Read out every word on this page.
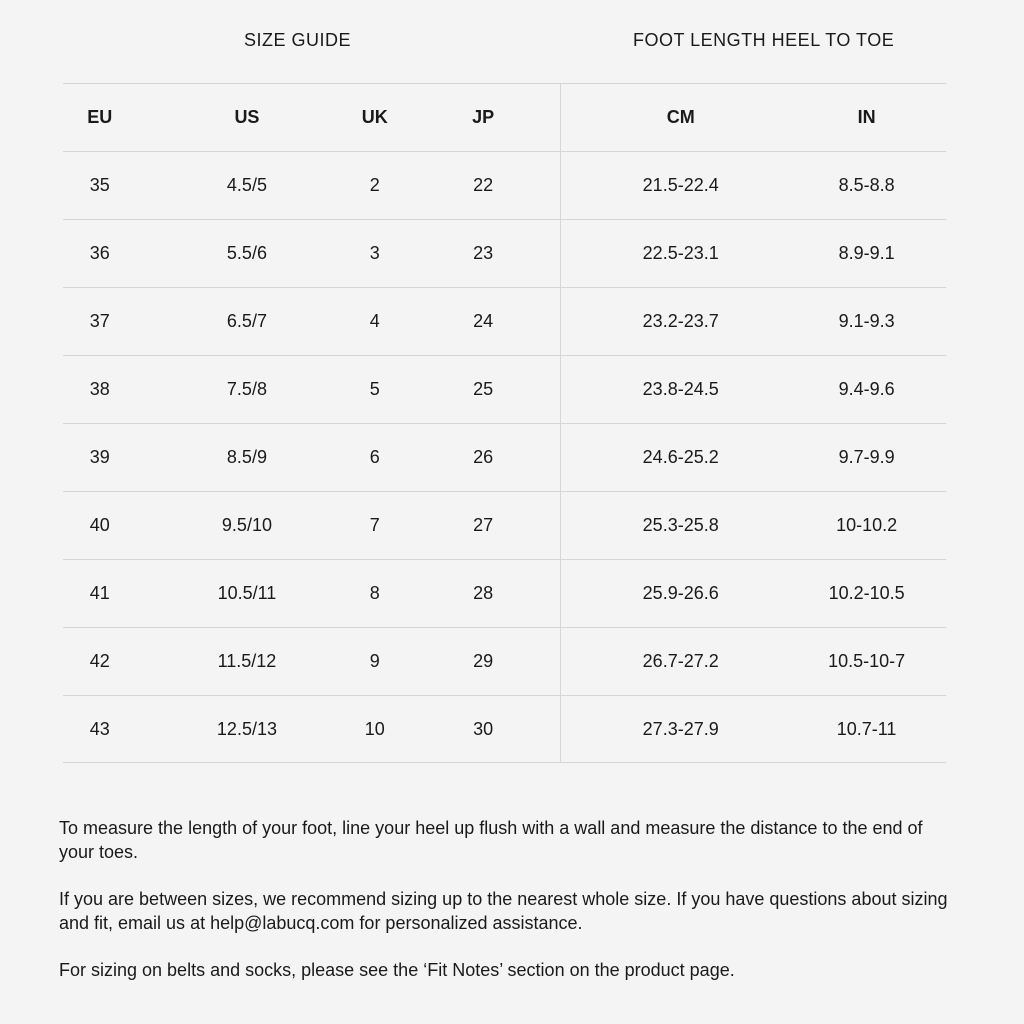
SIZE GUIDE	FOOT LENGTH HEEL TO TOE
EU	US	UK	JP	CM	IN
35	4.5/5	2	22	21.5-22.4	8.5-8.8
36	5.5/6	3	23	22.5-23.1	8.9-9.1
37	6.5/7	4	24	23.2-23.7	9.1-9.3
38	7.5/8	5	25	23.8-24.5	9.4-9.6
39	8.5/9	6	26	24.6-25.2	9.7-9.9
40	9.5/10	7	27	25.3-25.8	10-10.2
41	10.5/11	8	28	25.9-26.6	10.2-10.5
42	11.5/12	9	29	26.7-27.2	10.5-10-7
43	12.5/13	10	30	27.3-27.9	10.7-11

To measure the length of your foot, line your heel up flush with a wall and measure the distance to the end of your toes.

If you are between sizes, we recommend sizing up to the nearest whole size. If you have questions about sizing and fit, email us at help@labucq.com for personalized assistance.

For sizing on belts and socks, please see the ‘Fit Notes’ section on the product page.
